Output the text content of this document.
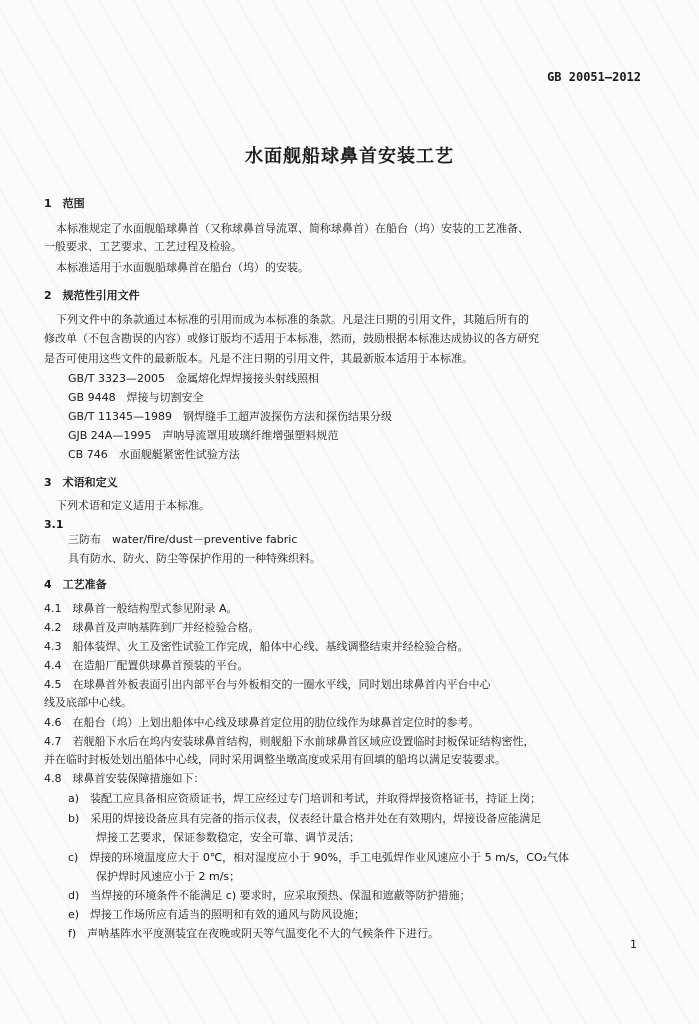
GB 20051—2012
水面舰船球鼻首安装工艺
1　范围
本标准规定了水面舰船球鼻首（又称球鼻首导流罩、简称球鼻首）在船台（坞）安装的工艺准备、
一般要求、工艺要求、工艺过程及检验。
本标准适用于水面舰船球鼻首在船台（坞）的安装。
2　规范性引用文件
下列文件中的条款通过本标准的引用而成为本标准的条款。凡是注日期的引用文件，其随后所有的
修改单（不包含勘误的内容）或修订版均不适用于本标准，然而，鼓励根据本标准达成协议的各方研究
是否可使用这些文件的最新版本。凡是不注日期的引用文件，其最新版本适用于本标准。
GB/T 3323—2005　金属熔化焊焊接接头射线照相
GB 9448　焊接与切割安全
GB/T 11345—1989　钢焊缝手工超声波探伤方法和探伤结果分级
GJB 24A—1995　声呐导流罩用玻璃纤维增强塑料规范
CB 746　水面舰艇紧密性试验方法
3　术语和定义
下列术语和定义适用于本标准。
3.1
三防布　water/fire/dust－preventive fabric
具有防水、防火、防尘等保护作用的一种特殊织料。
4　工艺准备
4.1　球鼻首一般结构型式参见附录 A。
4.2　球鼻首及声呐基阵到厂并经检验合格。
4.3　船体装焊、火工及密性试验工作完成，船体中心线、基线调整结束并经检验合格。
4.4　在造船厂配置供球鼻首预装的平台。
4.5　在球鼻首外板表面引出内部平台与外板相交的一圈水平线，同时划出球鼻首内平台中心
线及底部中心线。
4.6　在船台（坞）上划出船体中心线及球鼻首定位用的肋位线作为球鼻首定位时的参考。
4.7　若舰船下水后在坞内安装球鼻首结构，则舰船下水前球鼻首区域应设置临时封板保证结构密性，
并在临时封板处划出船体中心线，同时采用调整坐墩高度或采用有回填的船坞以满足安装要求。
4.8　球鼻首安装保障措施如下：
a)　装配工应具备相应资质证书，焊工应经过专门培训和考试，并取得焊接资格证书，持证上岗；
b)　采用的焊接设备应具有完备的指示仪表，仪表经计量合格并处在有效期内，焊接设备应能满足
焊接工艺要求，保证参数稳定，安全可靠、调节灵活；
c)　焊接的环境温度应大于 0℃，相对湿度应小于 90%，手工电弧焊作业风速应小于 5 m/s，CO₂气体
保护焊时风速应小于 2 m/s；
d)　当焊接的环境条件不能满足 c) 要求时，应采取预热、保温和遮蔽等防护措施；
e)　焊接工作场所应有适当的照明和有效的通风与防风设施；
f)　声呐基阵水平度测装宜在夜晚或阴天等气温变化不大的气候条件下进行。
1
